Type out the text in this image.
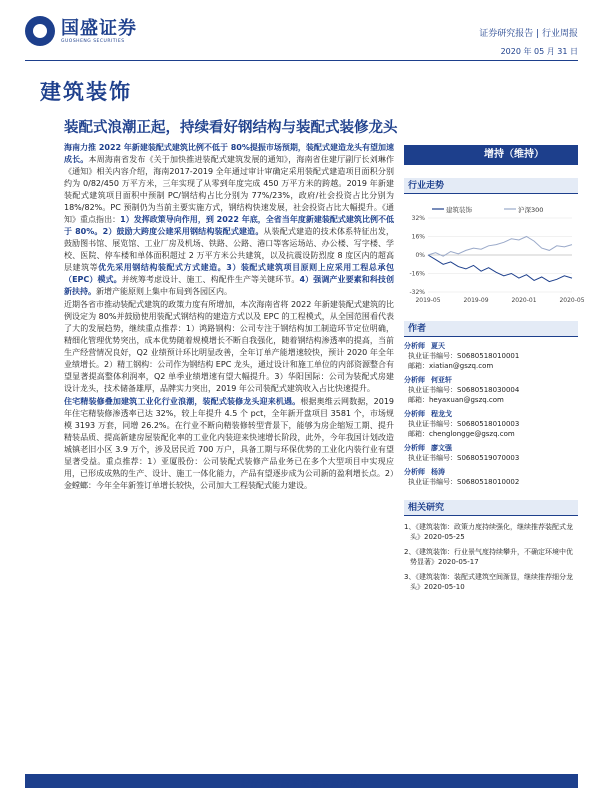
国盛证券
GUOSHENG SECURITIES
证券研究报告 | 行业周报
2020 年 05 月 31 日
建筑装饰
装配式浪潮正起，持续看好钢结构与装配式装修龙头

海南力推 2022 年新建装配式建筑比例不低于 80%提振市场预期，装配式建造龙头有望加速成长。本周海南省发布《关于加快推进装配式建筑发展的通知》，海南省住建厅副厅长刘琳作《通知》相关内容介绍，海南2017-2019 全年通过审计审确定采用装配式建造项目面积分别约为 0/82/450 万平方米，三年实现了从零到年度完成 450 万平方米的跨越。2019 年新建装配式建筑项目面积中预制 PC/钢结构占比分别为 77%/23%，政府/社会投资占比分别为 18%/82%。PC 预制仍为当前主要实施方式，钢结构快速发展，社会投资占比大幅提升。《通知》重点指出：1）发挥政策导向作用，到 2022 年底，全省当年度新建装配式建筑比例不低于 80%。2）鼓励大跨度公建采用钢结构装配式建造。从装配式建造的技术体系特征出发，鼓励图书馆、展览馆、工业厂房及机场、铁路、公路、港口等客运场站、办公楼、写字楼、学校、医院、停车楼和单体面积超过 2 万平方米公共建筑，以及抗震设防烈度 8 度区内的超高层建筑等优先采用钢结构装配式方式建造。3）装配式建筑项目原则上应采用工程总承包（EPC）模式。并统筹考虑设计、施工、构配件生产等关键环节。4）强调产业要素和科技创新扶持。新增产能原则上集中布局到各园区内。

近期各省市推动装配式建筑的政策力度有所增加，本次海南省将 2022 年新建装配式建筑的比例设定为 80%并鼓励使用装配式钢结构的建造方式以及 EPC 的工程模式，从全国范围看代表了大的发展趋势，继续重点推荐：1）鸿路钢构：公司专注于钢结构加工制造环节定位明确，精细化管理优势突出，成本优势随着规模增长不断自我强化，随着钢结构渗透率的提高，当前生产经营情况良好，Q2 业绩预计环比明显改善，全年订单产能增速较快，预计 2020 年全年业绩增长。2）精工钢构：公司作为钢结构 EPC 龙头，通过设计和施工单位的内部资源整合有望显著提高整体利润率，Q2 单季业绩增速有望大幅提升。3）华阳国际：公司为装配式房建设计龙头，技术储备雄厚，品牌实力突出，2019 年公司装配式建筑收入占比快速提升。

住宅精装修叠加建筑工业化行业浪潮，装配式装修龙头迎来机遇。根据奥维云网数据，2019 年住宅精装修渗透率已达 32%，较上年提升 4.5 个 pct，全年新开盘项目 3581 个，市场规模 3193 万套，同增 26.2%。在行业不断向精装修转型背景下，能够为房企缩短工期、提升精装品质、提高新建房屋装配化率的工业化内装迎来快速增长阶段，此外，今年我国计划改造城镇老旧小区 3.9 万个，涉及居民近 700 万户，具备工期与环保优势的工业化内装行业有望显著受益。重点推荐：1）亚厦股份：公司装配式装修产品业务已在多个大型项目中实现应用，已形成成熟的生产、设计、施工一体化能力，产品有望逐步成为公司新的盈利增长点。2）金螳螂：今年全年新签订单增长较快，公司加大工程装配式能力建设。

增持（维持）
行业走势
32%
16%
0%
-16%
-32%
2019-05	2019-09	2020-01	2020-05
建筑装饰	沪深300
作者
分析师 夏天
执业证书编号：S0680518010001
邮箱：xiatian@gszq.com
分析师 何亚轩
执业证书编号：S0680518030004
邮箱：heyaxuan@gszq.com
分析师 程龙戈
执业证书编号：S0680518010003
邮箱：chenglongge@gszq.com
分析师 廖文强
执业证书编号：S0680519070003
分析师 杨涛
执业证书编号：S0680518010002
相关研究
1、《建筑装饰：政策力度持续强化，继续推荐装配式龙头》2020-05-25
2、《建筑装饰：行业景气度持续攀升，不确定环境中优势显著》2020-05-17
3、《建筑装饰：装配式建筑空间渐显，继续推荐细分龙头》2020-05-10
请仔细阅读本报告末页声明
